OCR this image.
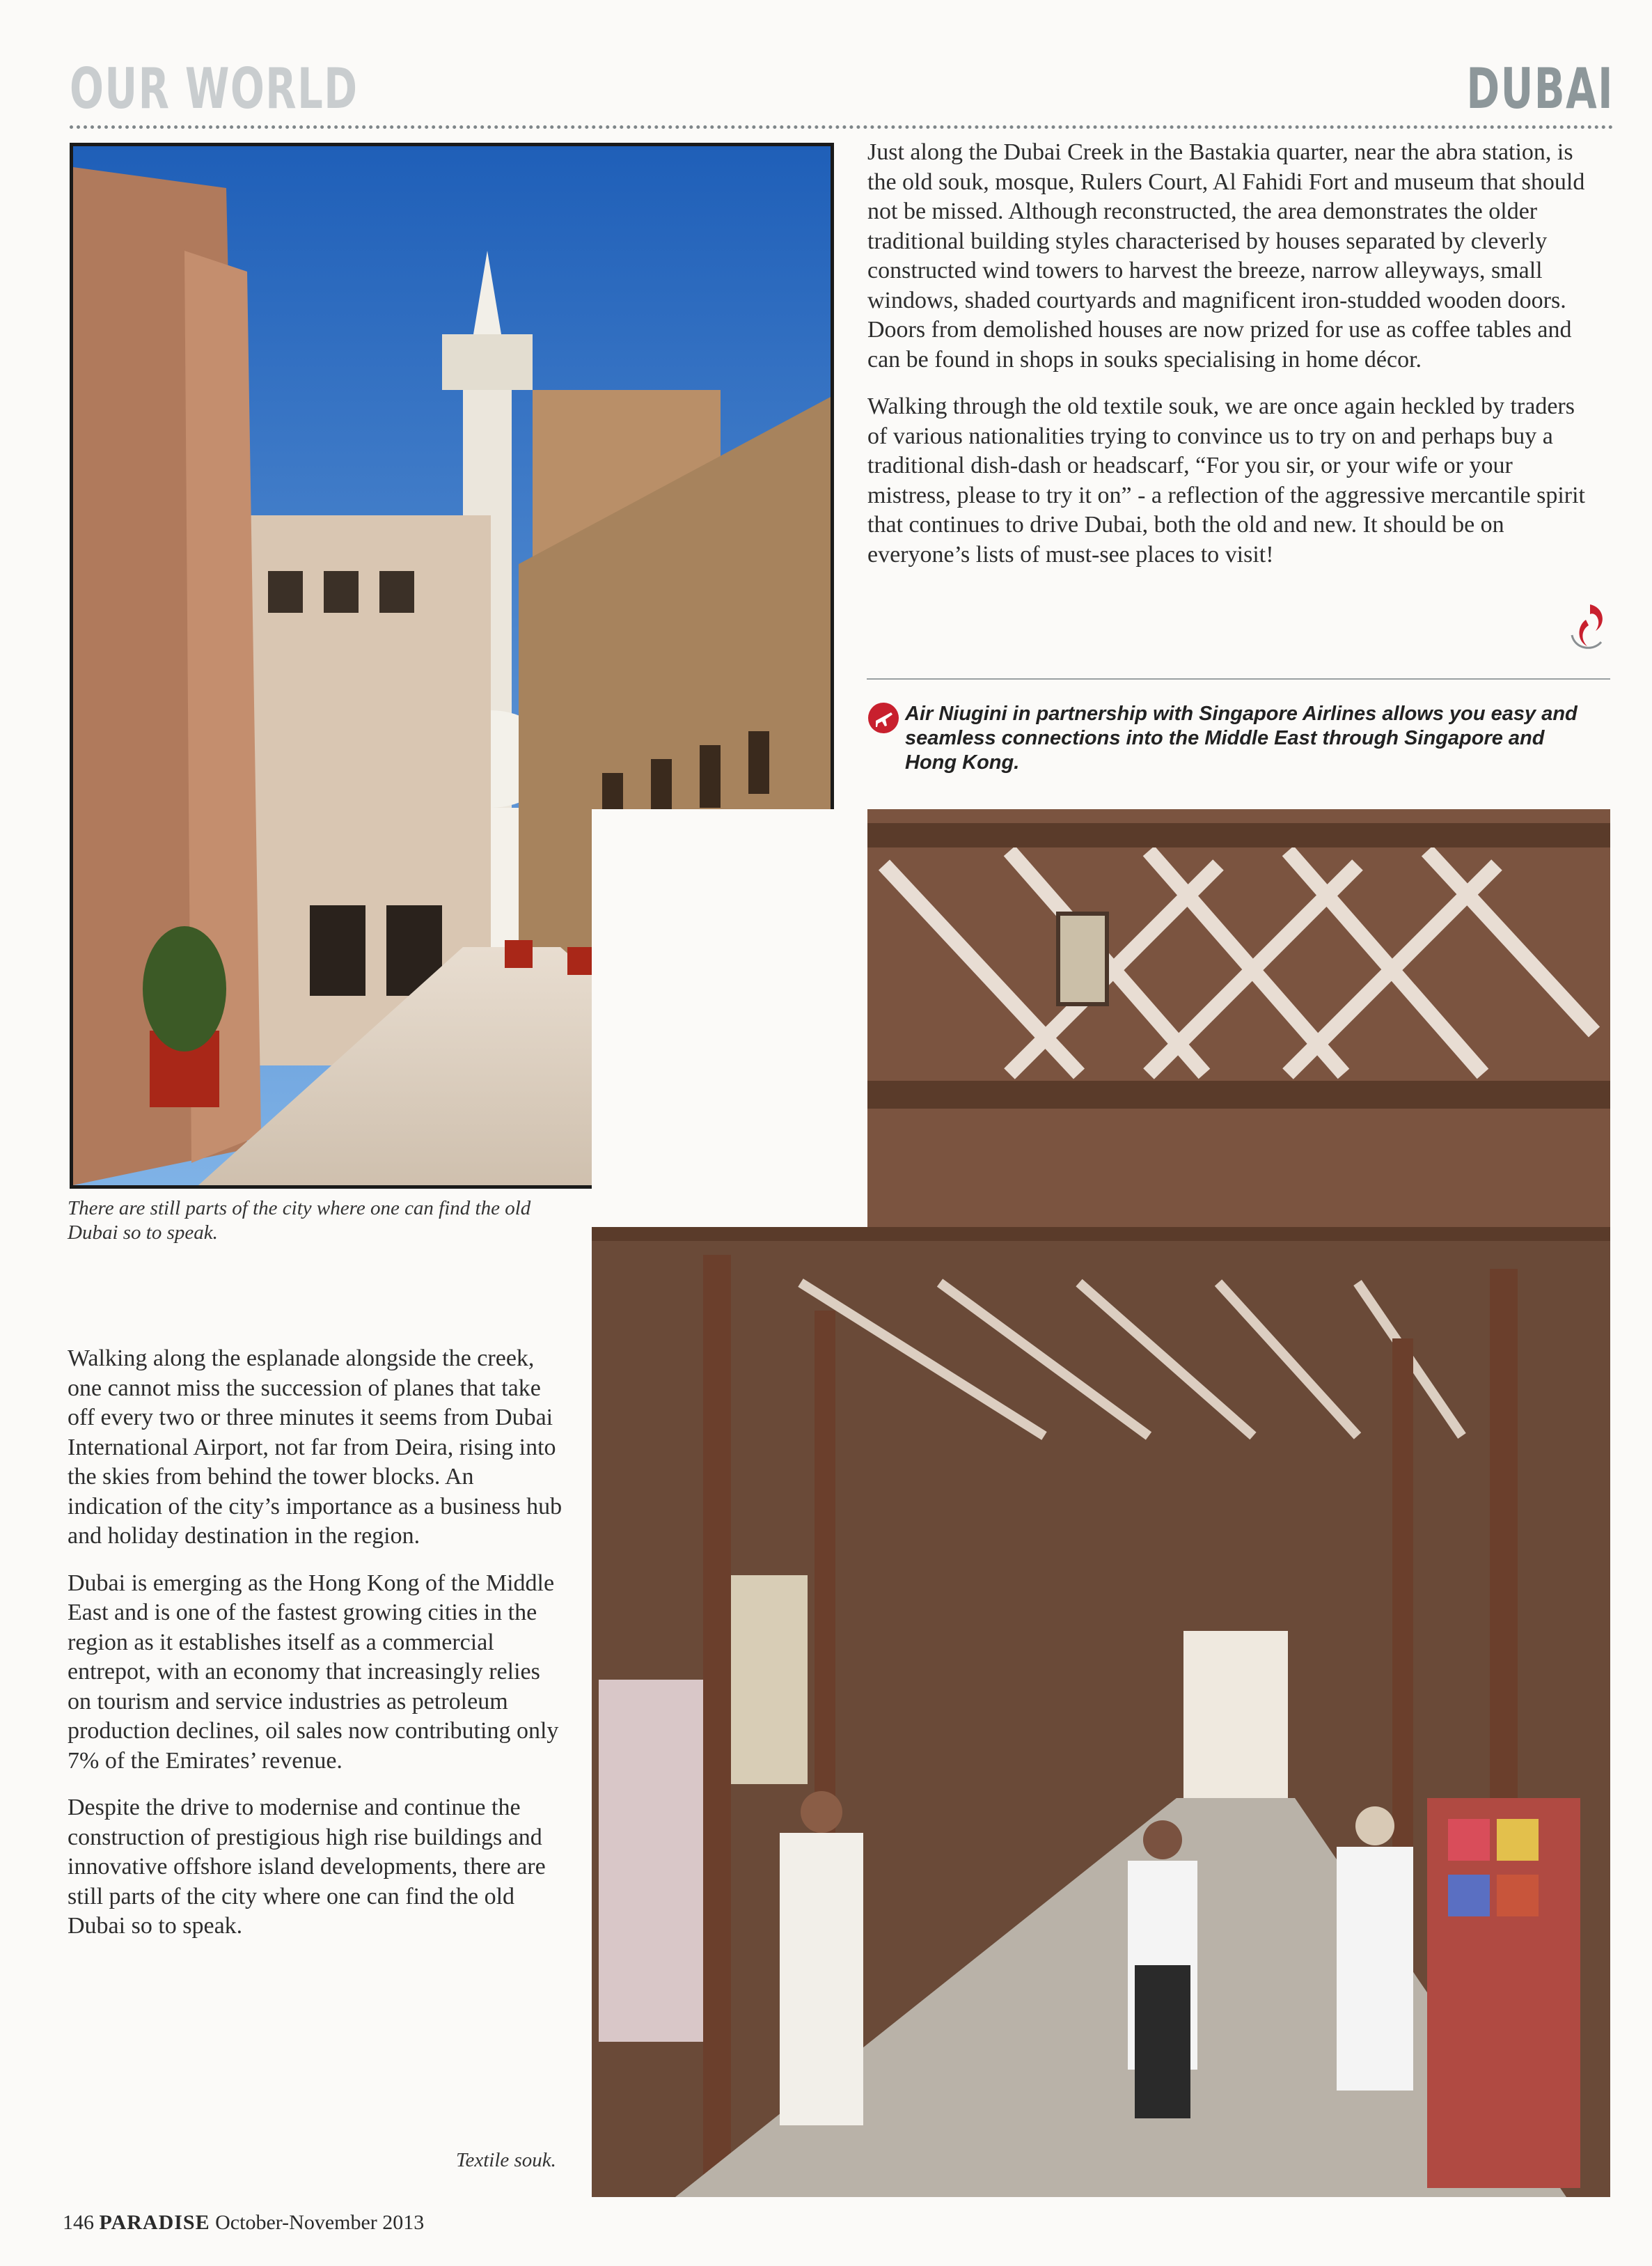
OUR WORLD	DUBAI
There are still parts of the city where one can find the old Dubai so to speak.

Just along the Dubai Creek in the Bastakia quarter, near the abra station, is the old souk, mosque, Rulers Court, Al Fahidi Fort and museum that should not be missed. Although reconstructed, the area demonstrates the older traditional building styles characterised by houses separated by cleverly constructed wind towers to harvest the breeze, narrow alleyways, small windows, shaded courtyards and magnificent iron-studded wooden doors. Doors from demolished houses are now prized for use as coffee tables and can be found in shops in souks specialising in home décor.

Walking through the old textile souk, we are once again heckled by traders of various nationalities trying to convince us to try on and perhaps buy a traditional dish-dash or headscarf, “For you sir, or your wife or your mistress, please to try it on” - a reflection of the aggressive mercantile spirit that continues to drive Dubai, both the old and new. It should be on everyone’s lists of must-see places to visit!

Air Niugini in partnership with Singapore Airlines allows you easy and seamless connections into the Middle East through Singapore and Hong Kong.

Walking along the esplanade alongside the creek, one cannot miss the succession of planes that take off every two or three minutes it seems from Dubai International Airport, not far from Deira, rising into the skies from behind the tower blocks. An indication of the city’s importance as a business hub and holiday destination in the region.

Dubai is emerging as the Hong Kong of the Middle East and is one of the fastest growing cities in the region as it establishes itself as a commercial entrepot, with an economy that increasingly relies on tourism and service industries as petroleum production declines, oil sales now contributing only 7% of the Emirates’ revenue.

Despite the drive to modernise and continue the construction of prestigious high rise buildings and innovative offshore island developments, there are still parts of the city where one can find the old Dubai so to speak.

Textile souk.
146 PARADISE October-November 2013
